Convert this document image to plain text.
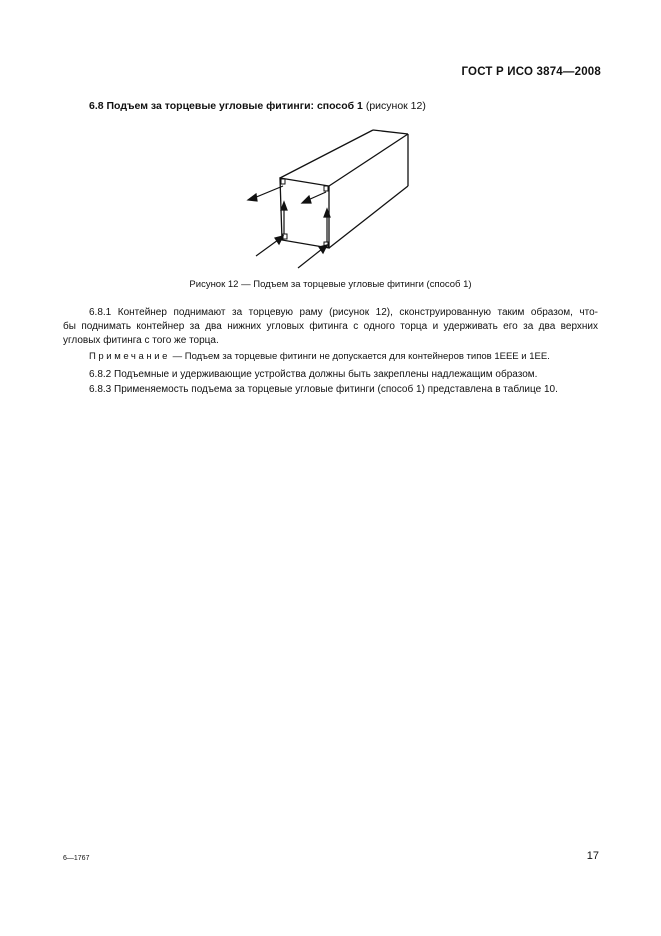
ГОСТ Р ИСО 3874—2008
6.8 Подъем за торцевые угловые фитинги: способ 1 (рисунок 12)
Рисунок 12 — Подъем за торцевые угловые фитинги (способ 1)
6.8.1 Контейнер поднимают за торцевую раму (рисунок 12), сконструированную таким образом, что-
бы поднимать контейнер за два нижних угловых фитинга с одного торца и удерживать его за два верхних
угловых фитинга с того же торца.
Примечание — Подъем за торцевые фитинги не допускается для контейнеров типов 1EEE и 1EE.
6.8.2 Подъемные и удерживающие устройства должны быть закреплены надлежащим образом.
6.8.3 Применяемость подъема за торцевые угловые фитинги (способ 1) представлена в таблице 10.
6—1767	17
